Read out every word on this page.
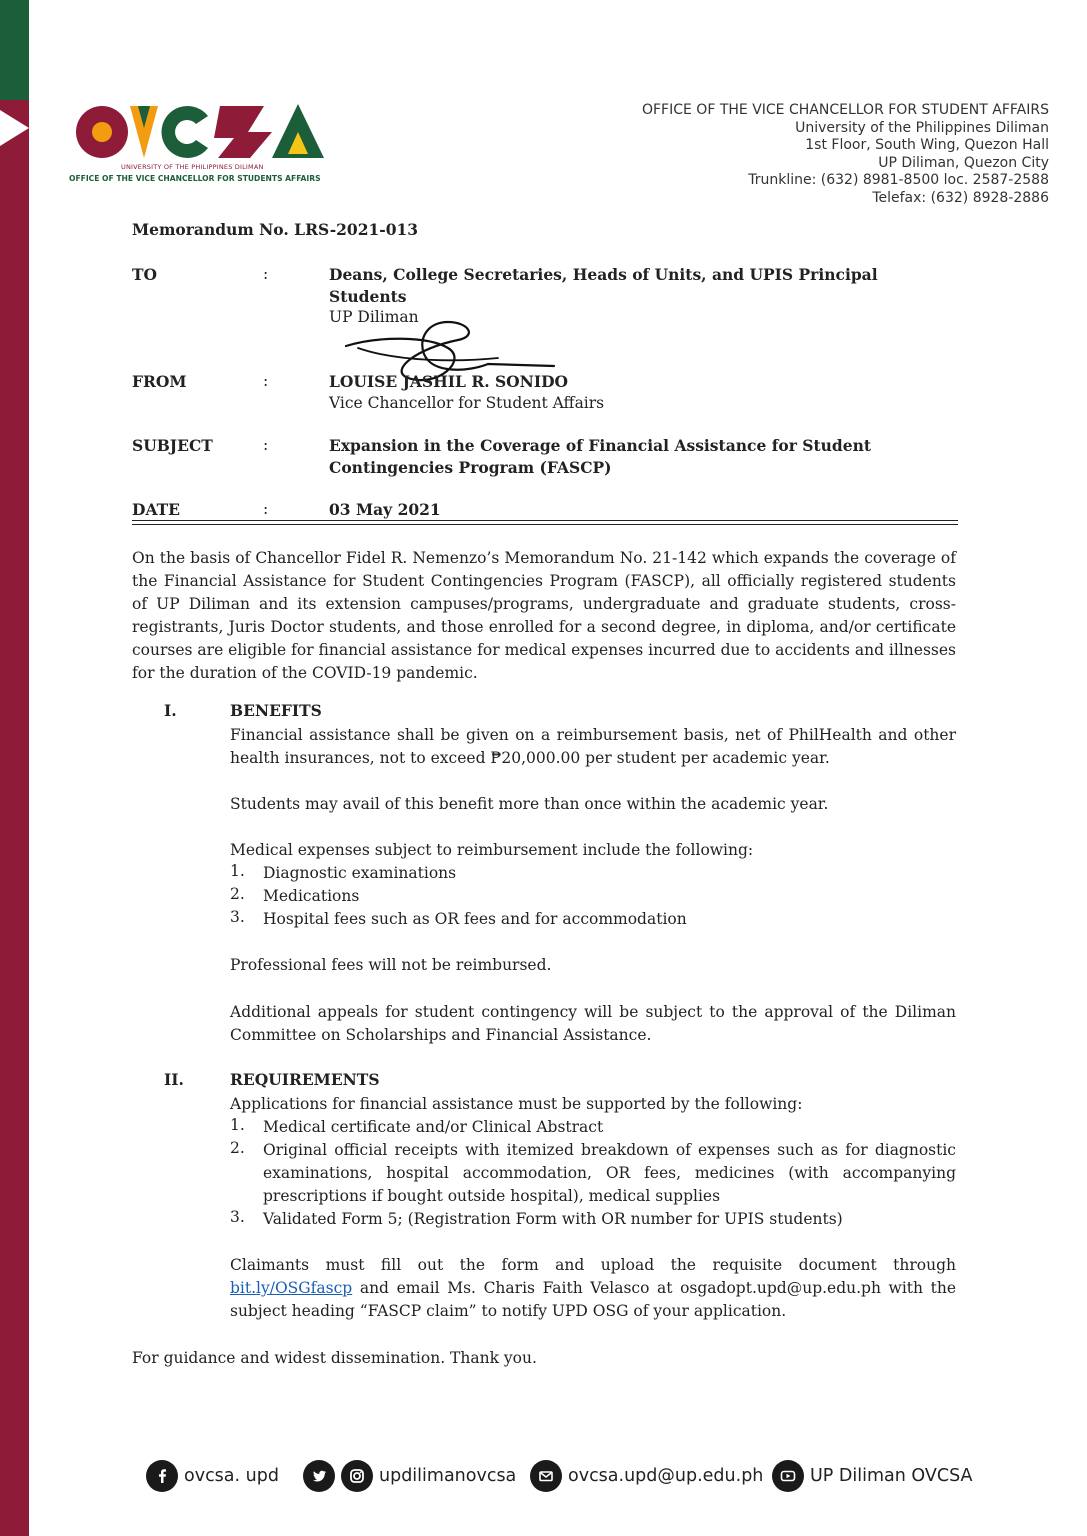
UNIVERSITY OF THE PHILIPPINES DILIMAN
OFFICE OF THE VICE CHANCELLOR FOR STUDENTS AFFAIRS
OFFICE OF THE VICE CHANCELLOR FOR STUDENT AFFAIRS
University of the Philippines Diliman
1st Floor, South Wing, Quezon Hall
UP Diliman, Quezon City
Trunkline: (632) 8981-8500 loc. 2587-2588
Telefax: (632) 8928-2886
Memorandum No. LRS-2021-013
TO	:	Deans, College Secretaries, Heads of Units, and UPIS Principal
Students
UP Diliman
FROM	:	LOUISE JASHIL R. SONIDO
Vice Chancellor for Student Affairs
SUBJECT	:	Expansion in the Coverage of Financial Assistance for Student
Contingencies Program (FASCP)
DATE	:	03 May 2021
On the basis of Chancellor Fidel R. Nemenzo’s Memorandum No. 21-142 which expands the coverage of the Financial Assistance for Student Contingencies Program (FASCP), all officially registered students of UP Diliman and its extension campuses/programs, undergraduate and graduate students, cross-registrants, Juris Doctor students, and those enrolled for a second degree, in diploma, and/or certificate courses are eligible for financial assistance for medical expenses incurred due to accidents and illnesses for the duration of the COVID-19 pandemic.
I.	BENEFITS
Financial assistance shall be given on a reimbursement basis, net of PhilHealth and other health insurances, not to exceed ₱20,000.00 per student per academic year.
Students may avail of this benefit more than once within the academic year.
Medical expenses subject to reimbursement include the following:
1. Diagnostic examinations
2. Medications
3. Hospital fees such as OR fees and for accommodation
Professional fees will not be reimbursed.
Additional appeals for student contingency will be subject to the approval of the Diliman Committee on Scholarships and Financial Assistance.
II.	REQUIREMENTS
Applications for financial assistance must be supported by the following:
1. Medical certificate and/or Clinical Abstract
2. Original official receipts with itemized breakdown of expenses such as for diagnostic examinations, hospital accommodation, OR fees, medicines (with accompanying prescriptions if bought outside hospital), medical supplies
3. Validated Form 5; (Registration Form with OR number for UPIS students)
Claimants must fill out the form and upload the requisite document through bit.ly/OSGfascp and email Ms. Charis Faith Velasco at osgadopt.upd@up.edu.ph with the subject heading “FASCP claim” to notify UPD OSG of your application.
For guidance and widest dissemination. Thank you.
ovcsa. upd	updilimanovcsa	ovcsa.upd@up.edu.ph	UP Diliman OVCSA
